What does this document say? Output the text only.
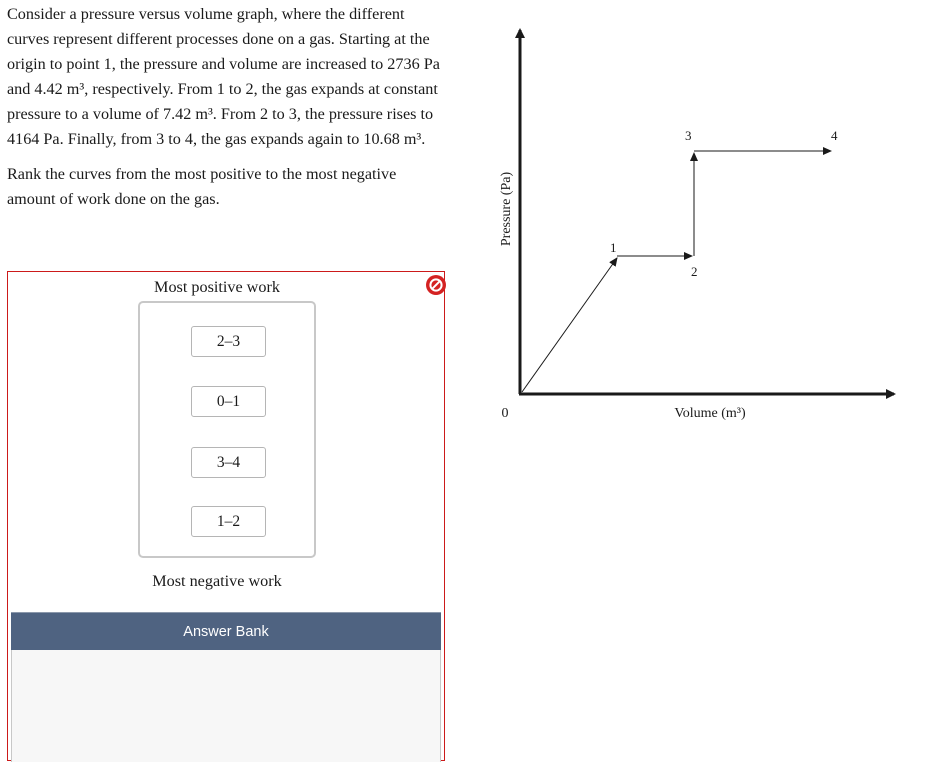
Consider a pressure versus volume graph, where the different curves represent different processes done on a gas. Starting at the origin to point 1, the pressure and volume are increased to 2736 Pa and 4.42 m³, respectively. From 1 to 2, the gas expands at constant pressure to a volume of 7.42 m³. From 2 to 3, the pressure rises to 4164 Pa. Finally, from 3 to 4, the gas expands again to 10.68 m³.

Rank the curves from the most positive to the most negative amount of work done on the gas.

Most positive work
2–3
0–1
3–4
1–2
Most negative work
Answer Bank
1
2
3	4
Pressure (Pa)
Volume (m³)
0
